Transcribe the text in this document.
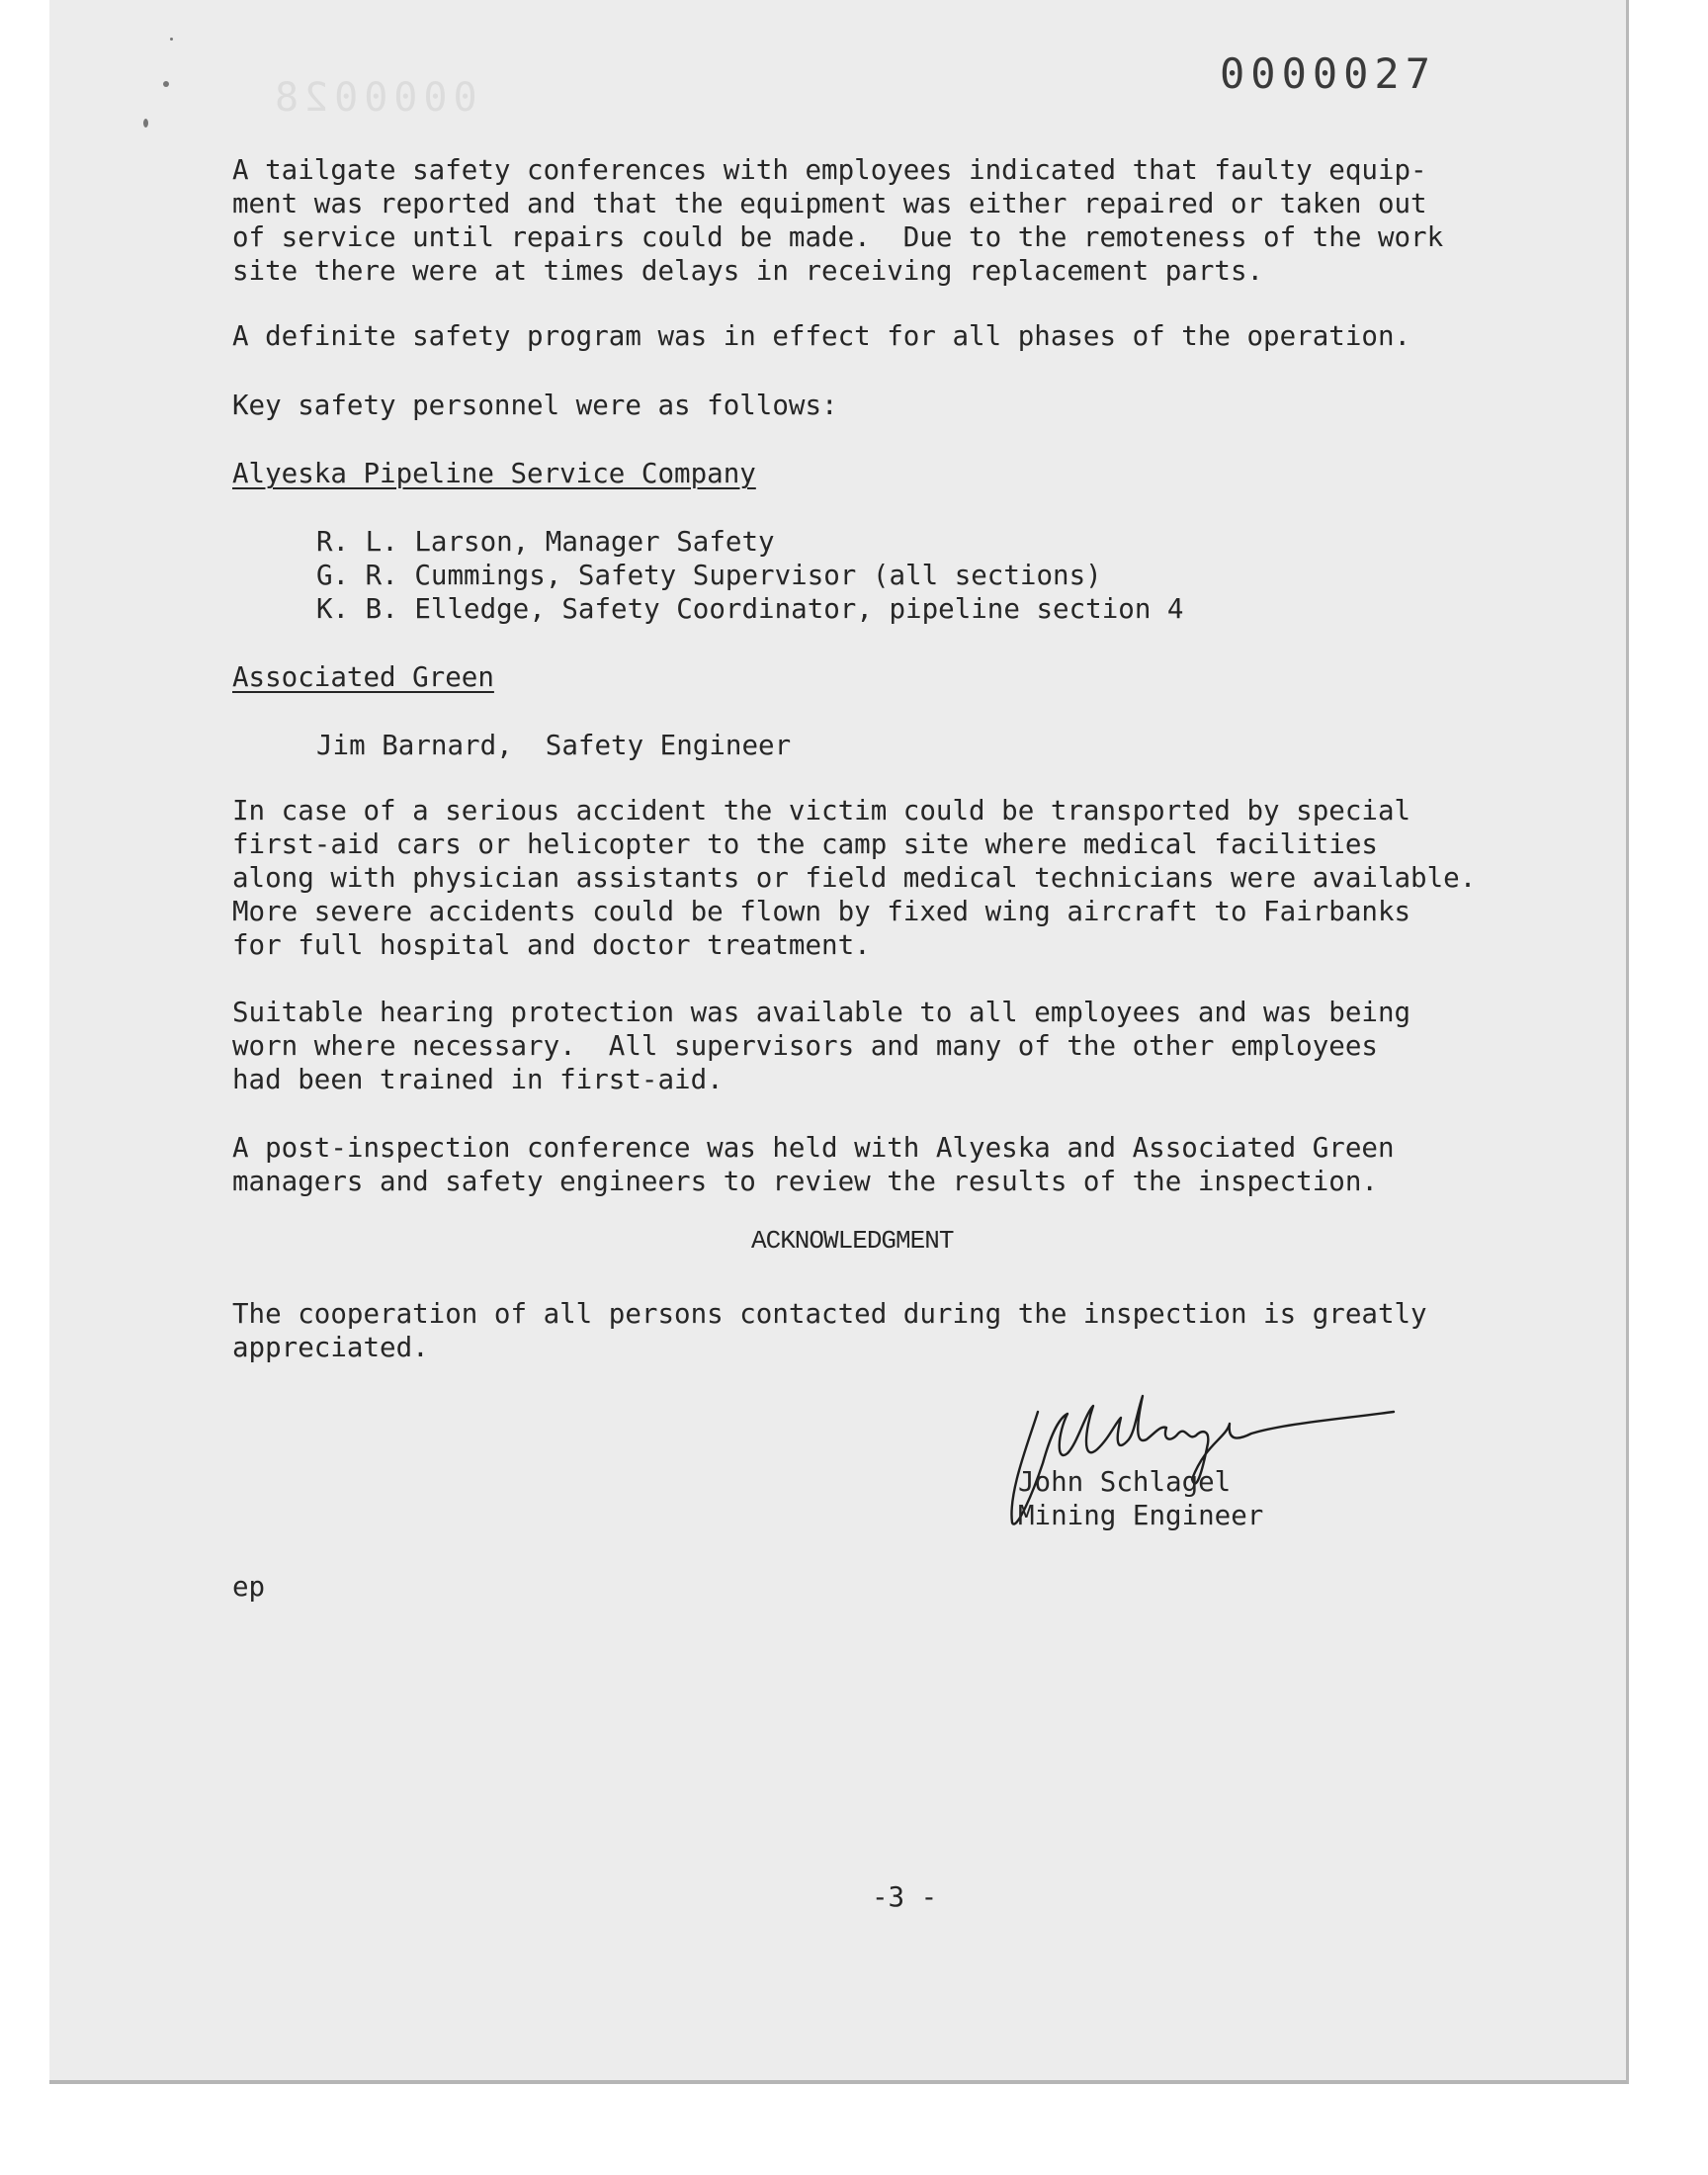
0000028	0000027

A tailgate safety conferences with employees indicated that faulty equip-
ment was reported and that the equipment was either repaired or taken out
of service until repairs could be made.  Due to the remoteness of the work
site there were at times delays in receiving replacement parts.

A definite safety program was in effect for all phases of the operation.

Key safety personnel were as follows:

Alyeska Pipeline Service Company

R. L. Larson, Manager Safety

G. R. Cummings, Safety Supervisor (all sections)

K. B. Elledge, Safety Coordinator, pipeline section 4

Associated Green

Jim Barnard,  Safety Engineer

In case of a serious accident the victim could be transported by special
first-aid cars or helicopter to the camp site where medical facilities
along with physician assistants or field medical technicians were available.
More severe accidents could be flown by fixed wing aircraft to Fairbanks
for full hospital and doctor treatment.

Suitable hearing protection was available to all employees and was being
worn where necessary.  All supervisors and many of the other employees
had been trained in first-aid.

A post-inspection conference was held with Alyeska and Associated Green
managers and safety engineers to review the results of the inspection.

ACKNOWLEDGMENT

The cooperation of all persons contacted during the inspection is greatly
appreciated.

John Schlagel

Mining Engineer

ep

-3 -
